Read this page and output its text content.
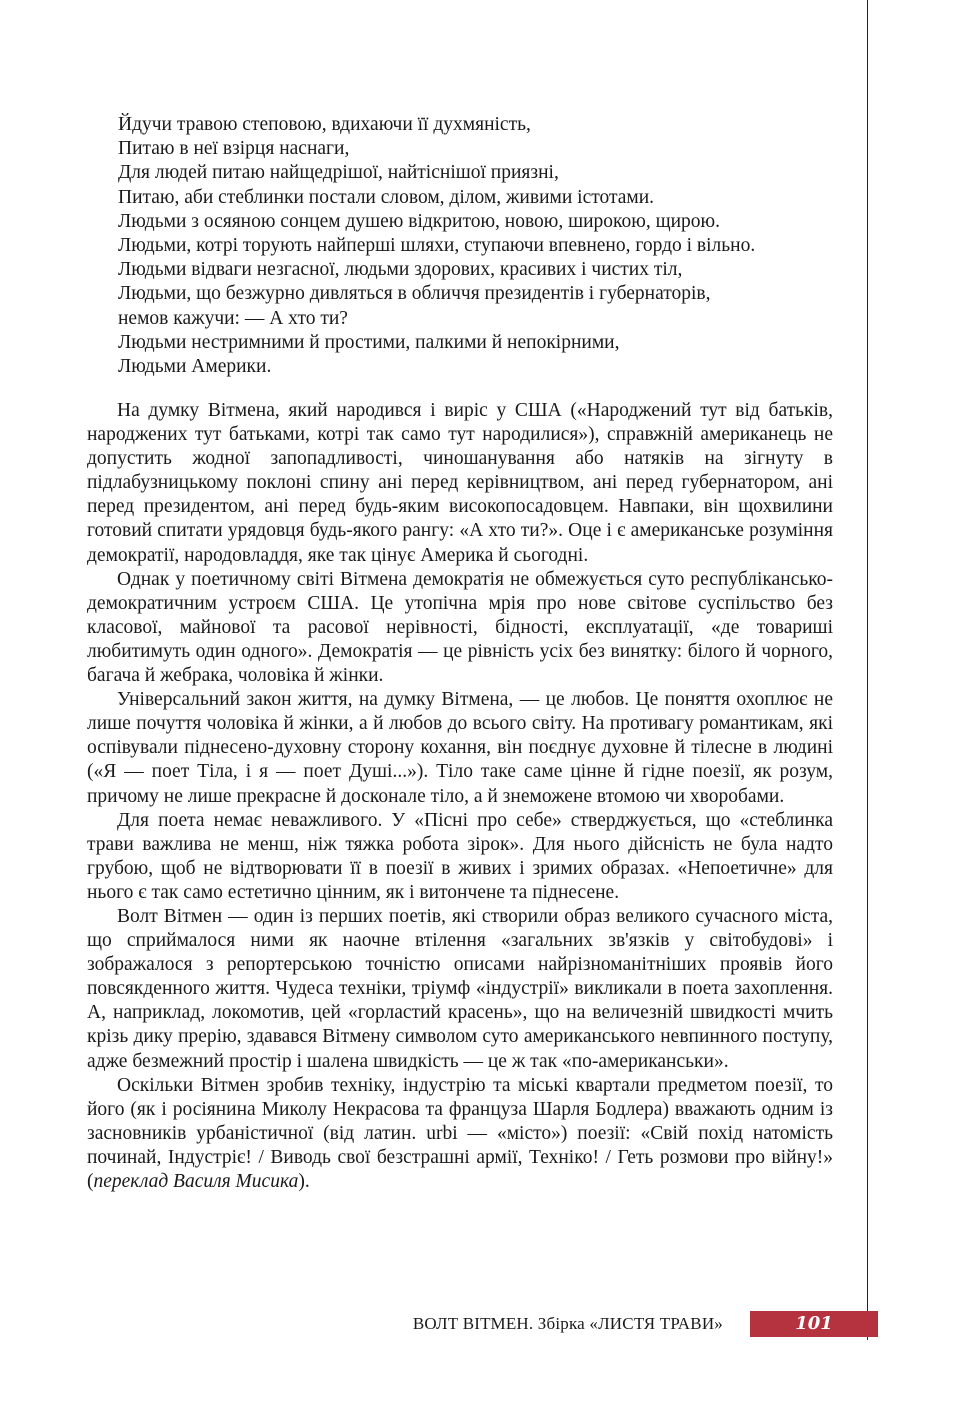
Йдучи травою степовою, вдихаючи її духмяність,
Питаю в неї взірця наснаги,
Для людей питаю найщедрішої, найтіснішої приязні,
Питаю, аби стеблинки постали словом, ділом, живими істотами.
Людьми з осяяною сонцем душею відкритою, новою, широкою, щирою.
Людьми, котрі торують найперші шляхи, ступаючи впевнено, гордо і вільно.
Людьми відваги незгасної, людьми здорових, красивих і чистих тіл,
Людьми, що безжурно дивляться в обличчя президентів і губернаторів,
немов кажучи: — А хто ти?
Людьми нестримними й простими, палкими й непокірними,
Людьми Америки.

На думку Вітмена, який народився і виріс у США («Народжений тут від батьків, народжених тут батьками, котрі так само тут народилися»), справжній американець не допустить жодної запопадливості, чиношанування або натяків на зігнуту в підлабузницькому поклоні спину ані перед керівництвом, ані перед губернатором, ані перед президентом, ані перед будь-яким високопосадовцем. Навпаки, він щохвилини готовий спитати урядовця будь-якого рангу: «А хто ти?». Оце і є американське розуміння демократії, народовладдя, яке так цінує Америка й сьогодні.

Однак у поетичному світі Вітмена демократія не обмежується суто республікансько-демократичним устроєм США. Це утопічна мрія про нове світове суспільство без класової, майнової та расової нерівності, бідності, експлуатації, «де товариші любитимуть один одного». Демократія — це рівність усіх без винятку: білого й чорного, багача й жебрака, чоловіка й жінки.

Універсальний закон життя, на думку Вітмена, — це любов. Це поняття охоплює не лише почуття чоловіка й жінки, а й любов до всього світу. На противагу романтикам, які оспівували піднесено-духовну сторону кохання, він поєднує духовне й тілесне в людині («Я — поет Тіла, і я — поет Душі...»). Тіло таке саме цінне й гідне поезії, як розум, причому не лише прекрасне й досконале тіло, а й знеможене втомою чи хворобами.

Для поета немає неважливого. У «Пісні про себе» стверджується, що «стеблинка трави важлива не менш, ніж тяжка робота зірок». Для нього дійсність не була надто грубою, щоб не відтворювати її в поезії в живих і зримих образах. «Непоетичне» для нього є так само естетично цінним, як і витончене та піднесене.

Волт Вітмен — один із перших поетів, які створили образ великого сучасного міста, що сприймалося ними як наочне втілення «загальних зв'язків у світобудові» і зображалося з репортерською точністю описами найрізноманітніших проявів його повсякденного життя. Чудеса техніки, тріумф «індустрії» викликали в поета захоплення. А, наприклад, локомотив, цей «горластий красень», що на величезній швидкості мчить крізь дику прерію, здавався Вітмену символом суто американського невпинного поступу, адже безмежний простір і шалена швидкість — це ж так «по-американськи».

Оскільки Вітмен зробив техніку, індустрію та міські квартали предметом поезії, то його (як і росіянина Миколу Некрасова та француза Шарля Бодлера) вважають одним із засновників урбаністичної (від латин. urbi — «місто») поезії: «Свій похід натомість починай, Індустріє! / Виводь свої безстрашні армії, Техніко! / Геть розмови про війну!» (переклад Василя Мисика).

ВОЛТ ВІТМЕН. Збірка «ЛИСТЯ ТРАВИ»	101
